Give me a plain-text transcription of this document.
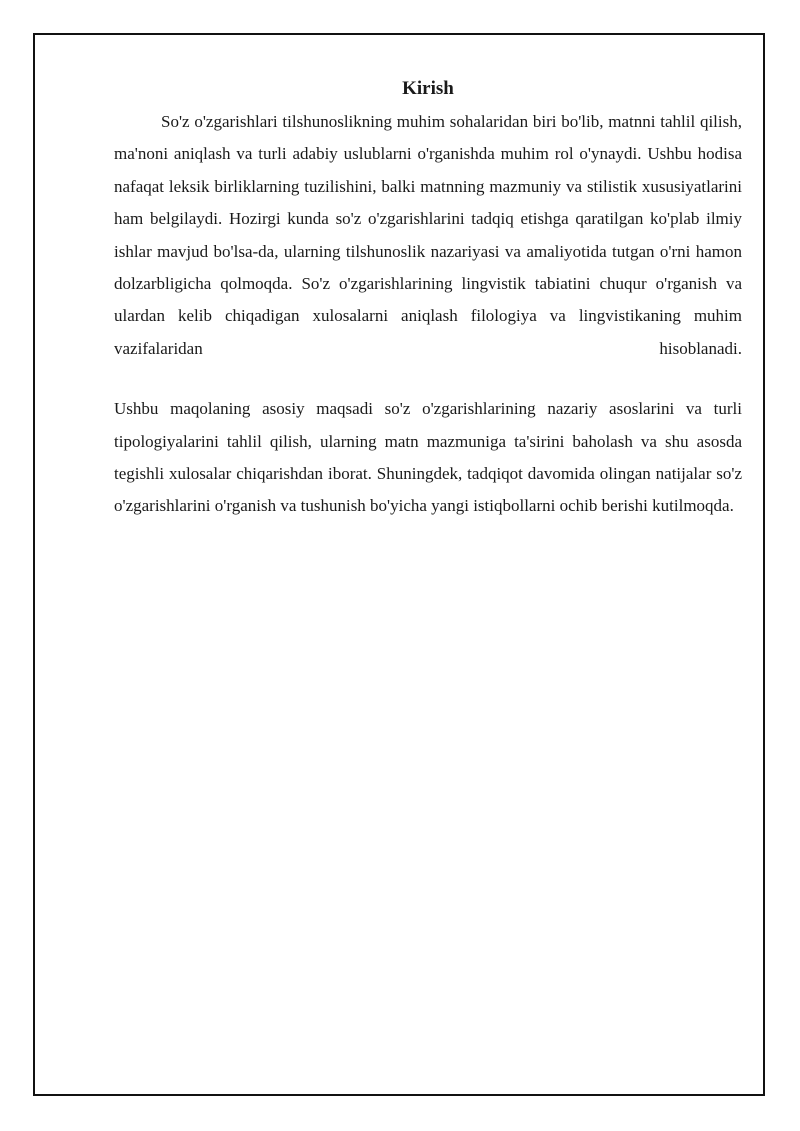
Kirish

So'z o'zgarishlari tilshunoslikning muhim sohalaridan biri bo'lib, matnni tahlil qilish, ma'noni aniqlash va turli adabiy uslublarni o'rganishda muhim rol o'ynaydi. Ushbu hodisa nafaqat leksik birliklarning tuzilishini, balki matnning mazmuniy va stilistik xususiyatlarini ham belgilaydi. Hozirgi kunda so'z o'zgarishlarini tadqiq etishga qaratilgan ko'plab ilmiy ishlar mavjud bo'lsa-da, ularning tilshunoslik nazariyasi va amaliyotida tutgan o'rni hamon dolzarbligicha qolmoqda. So'z o'zgarishlarining lingvistik tabiatini chuqur o'rganish va ulardan kelib chiqadigan xulosalarni aniqlash filologiya va lingvistikaning muhim vazifalaridan hisoblanadi.

Ushbu maqolaning asosiy maqsadi so'z o'zgarishlarining nazariy asoslarini va turli tipologiyalarini tahlil qilish, ularning matn mazmuniga ta'sirini baholash va shu asosda tegishli xulosalar chiqarishdan iborat. Shuningdek, tadqiqot davomida olingan natijalar so'z o'zgarishlarini o'rganish va tushunish bo'yicha yangi istiqbollarni ochib berishi kutilmoqda.
